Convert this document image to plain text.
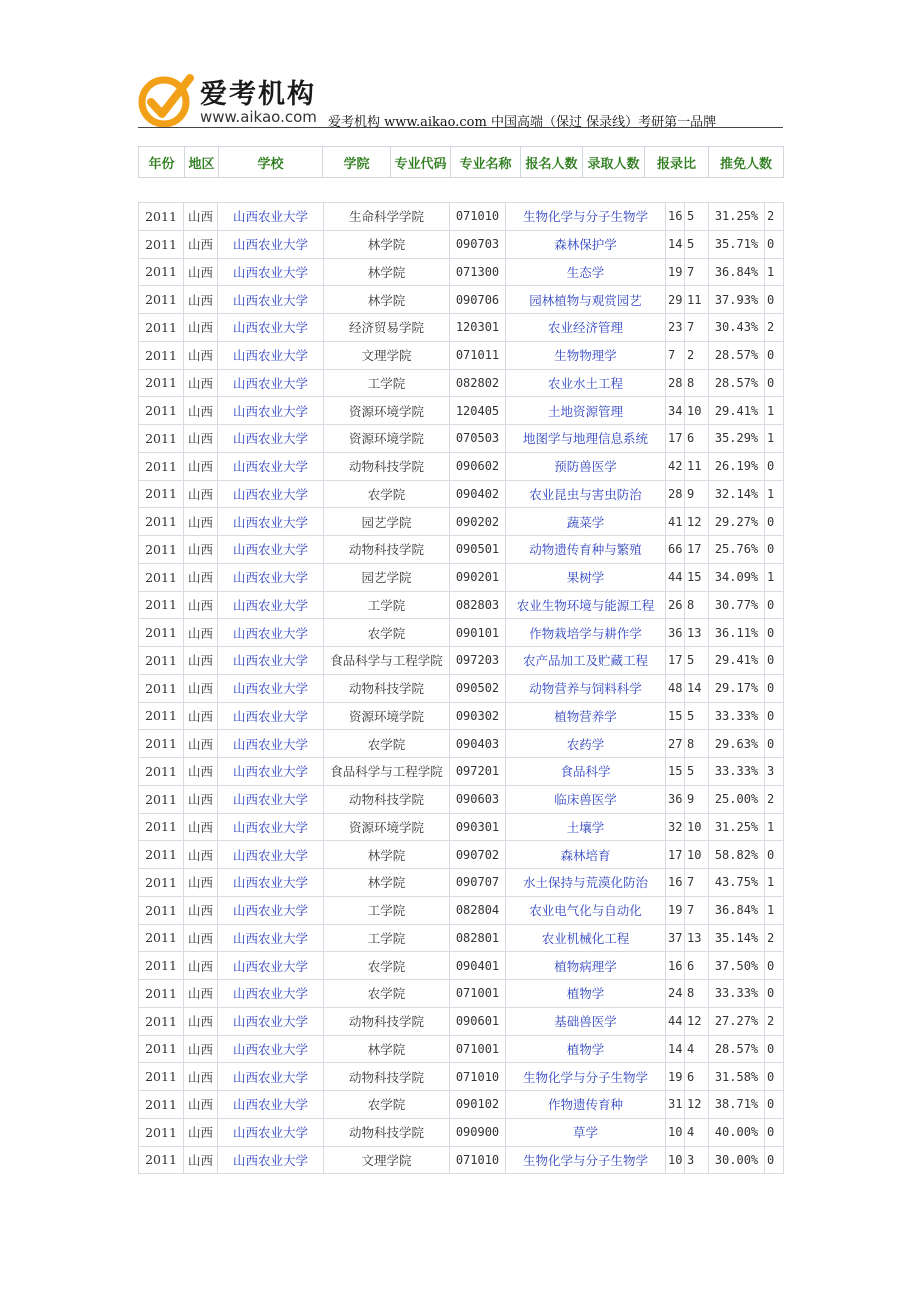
爱考机构
www.aikao.com 爱考机构 www.aikao.com 中国高端（保过 保录线）考研第一品牌
年份	地区	学校	学院	专业代码	专业名称	报名人数	录取人数	报录比	推免人数
2011	山西	山西农业大学	生命科学学院	071010	生物化学与分子生物学	16	5	31.25%	2
2011	山西	山西农业大学	林学院	090703	森林保护学	14	5	35.71%	0
2011	山西	山西农业大学	林学院	071300	生态学	19	7	36.84%	1
2011	山西	山西农业大学	林学院	090706	园林植物与观赏园艺	29	11	37.93%	0
2011	山西	山西农业大学	经济贸易学院	120301	农业经济管理	23	7	30.43%	2
2011	山西	山西农业大学	文理学院	071011	生物物理学	7	2	28.57%	0
2011	山西	山西农业大学	工学院	082802	农业水土工程	28	8	28.57%	0
2011	山西	山西农业大学	资源环境学院	120405	土地资源管理	34	10	29.41%	1
2011	山西	山西农业大学	资源环境学院	070503	地图学与地理信息系统	17	6	35.29%	1
2011	山西	山西农业大学	动物科技学院	090602	预防兽医学	42	11	26.19%	0
2011	山西	山西农业大学	农学院	090402	农业昆虫与害虫防治	28	9	32.14%	1
2011	山西	山西农业大学	园艺学院	090202	蔬菜学	41	12	29.27%	0
2011	山西	山西农业大学	动物科技学院	090501	动物遗传育种与繁殖	66	17	25.76%	0
2011	山西	山西农业大学	园艺学院	090201	果树学	44	15	34.09%	1
2011	山西	山西农业大学	工学院	082803	农业生物环境与能源工程	26	8	30.77%	0
2011	山西	山西农业大学	农学院	090101	作物栽培学与耕作学	36	13	36.11%	0
2011	山西	山西农业大学	食品科学与工程学院	097203	农产品加工及贮藏工程	17	5	29.41%	0
2011	山西	山西农业大学	动物科技学院	090502	动物营养与饲料科学	48	14	29.17%	0
2011	山西	山西农业大学	资源环境学院	090302	植物营养学	15	5	33.33%	0
2011	山西	山西农业大学	农学院	090403	农药学	27	8	29.63%	0
2011	山西	山西农业大学	食品科学与工程学院	097201	食品科学	15	5	33.33%	3
2011	山西	山西农业大学	动物科技学院	090603	临床兽医学	36	9	25.00%	2
2011	山西	山西农业大学	资源环境学院	090301	土壤学	32	10	31.25%	1
2011	山西	山西农业大学	林学院	090702	森林培育	17	10	58.82%	0
2011	山西	山西农业大学	林学院	090707	水土保持与荒漠化防治	16	7	43.75%	1
2011	山西	山西农业大学	工学院	082804	农业电气化与自动化	19	7	36.84%	1
2011	山西	山西农业大学	工学院	082801	农业机械化工程	37	13	35.14%	2
2011	山西	山西农业大学	农学院	090401	植物病理学	16	6	37.50%	0
2011	山西	山西农业大学	农学院	071001	植物学	24	8	33.33%	0
2011	山西	山西农业大学	动物科技学院	090601	基础兽医学	44	12	27.27%	2
2011	山西	山西农业大学	林学院	071001	植物学	14	4	28.57%	0
2011	山西	山西农业大学	动物科技学院	071010	生物化学与分子生物学	19	6	31.58%	0
2011	山西	山西农业大学	农学院	090102	作物遗传育种	31	12	38.71%	0
2011	山西	山西农业大学	动物科技学院	090900	草学	10	4	40.00%	0
2011	山西	山西农业大学	文理学院	071010	生物化学与分子生物学	10	3	30.00%	0
